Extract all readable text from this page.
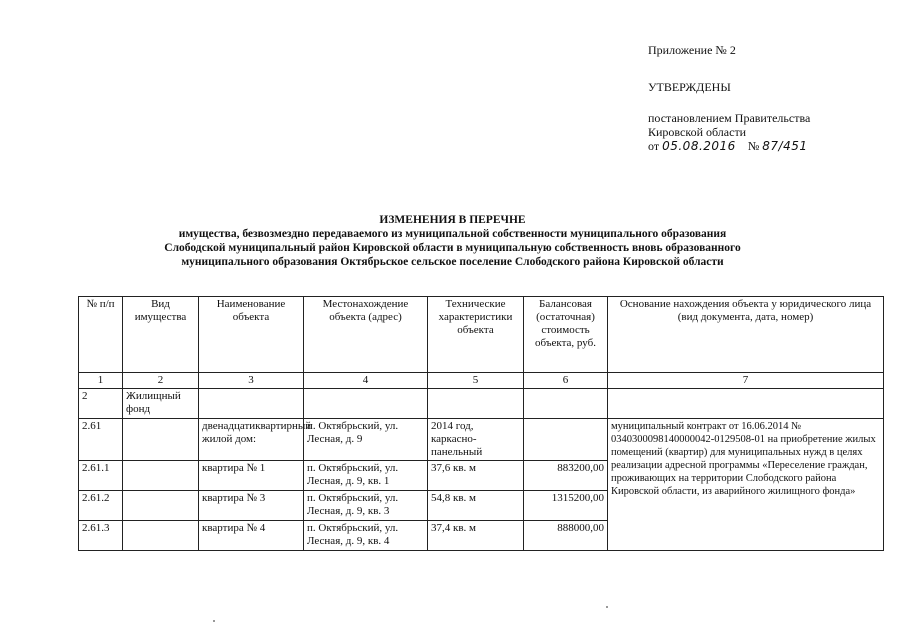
Приложение № 2
УТВЕРЖДЕНЫ
постановлением Правительства
Кировской области
от 05.08.2016 № 87/451
ИЗМЕНЕНИЯ В ПЕРЕЧНЕ
имущества, безвозмездно передаваемого из муниципальной собственности муниципального образования
Слободской муниципальный район Кировской области в муниципальную собственность вновь образованного
муниципального образования Октябрьское сельское поселение Слободского района Кировской области
№ п/п	Вид имущества	Наименование объекта	Местонахождение объекта (адрес)	Технические характеристики объекта	Балансовая (остаточная) стоимость объекта, руб.	Основание нахождения объекта у юридического лица (вид документа, дата, номер)
1	2	3	4	5	6	7
2	Жилищный фонд					
2.61		двенадцатиквартирный жилой дом:	п. Октябрьский, ул. Лесная, д. 9	2014 год, каркасно-панельный		муниципальный контракт от 16.06.2014 № 0340300098140000042-0129508-01 на приобретение жилых помещений (квартир) для муниципальных нужд в целях реализации адресной программы «Переселение граждан, проживающих на территории Слободского района Кировской области, из аварийного жилищного фонда»
2.61.1		квартира № 1	п. Октябрьский, ул. Лесная, д. 9, кв. 1	37,6 кв. м	883200,00	
2.61.2		квартира № 3	п. Октябрьский, ул. Лесная, д. 9, кв. 3	54,8 кв. м	1315200,00	
2.61.3		квартира № 4	п. Октябрьский, ул. Лесная, д. 9, кв. 4	37,4 кв. м	888000,00	
